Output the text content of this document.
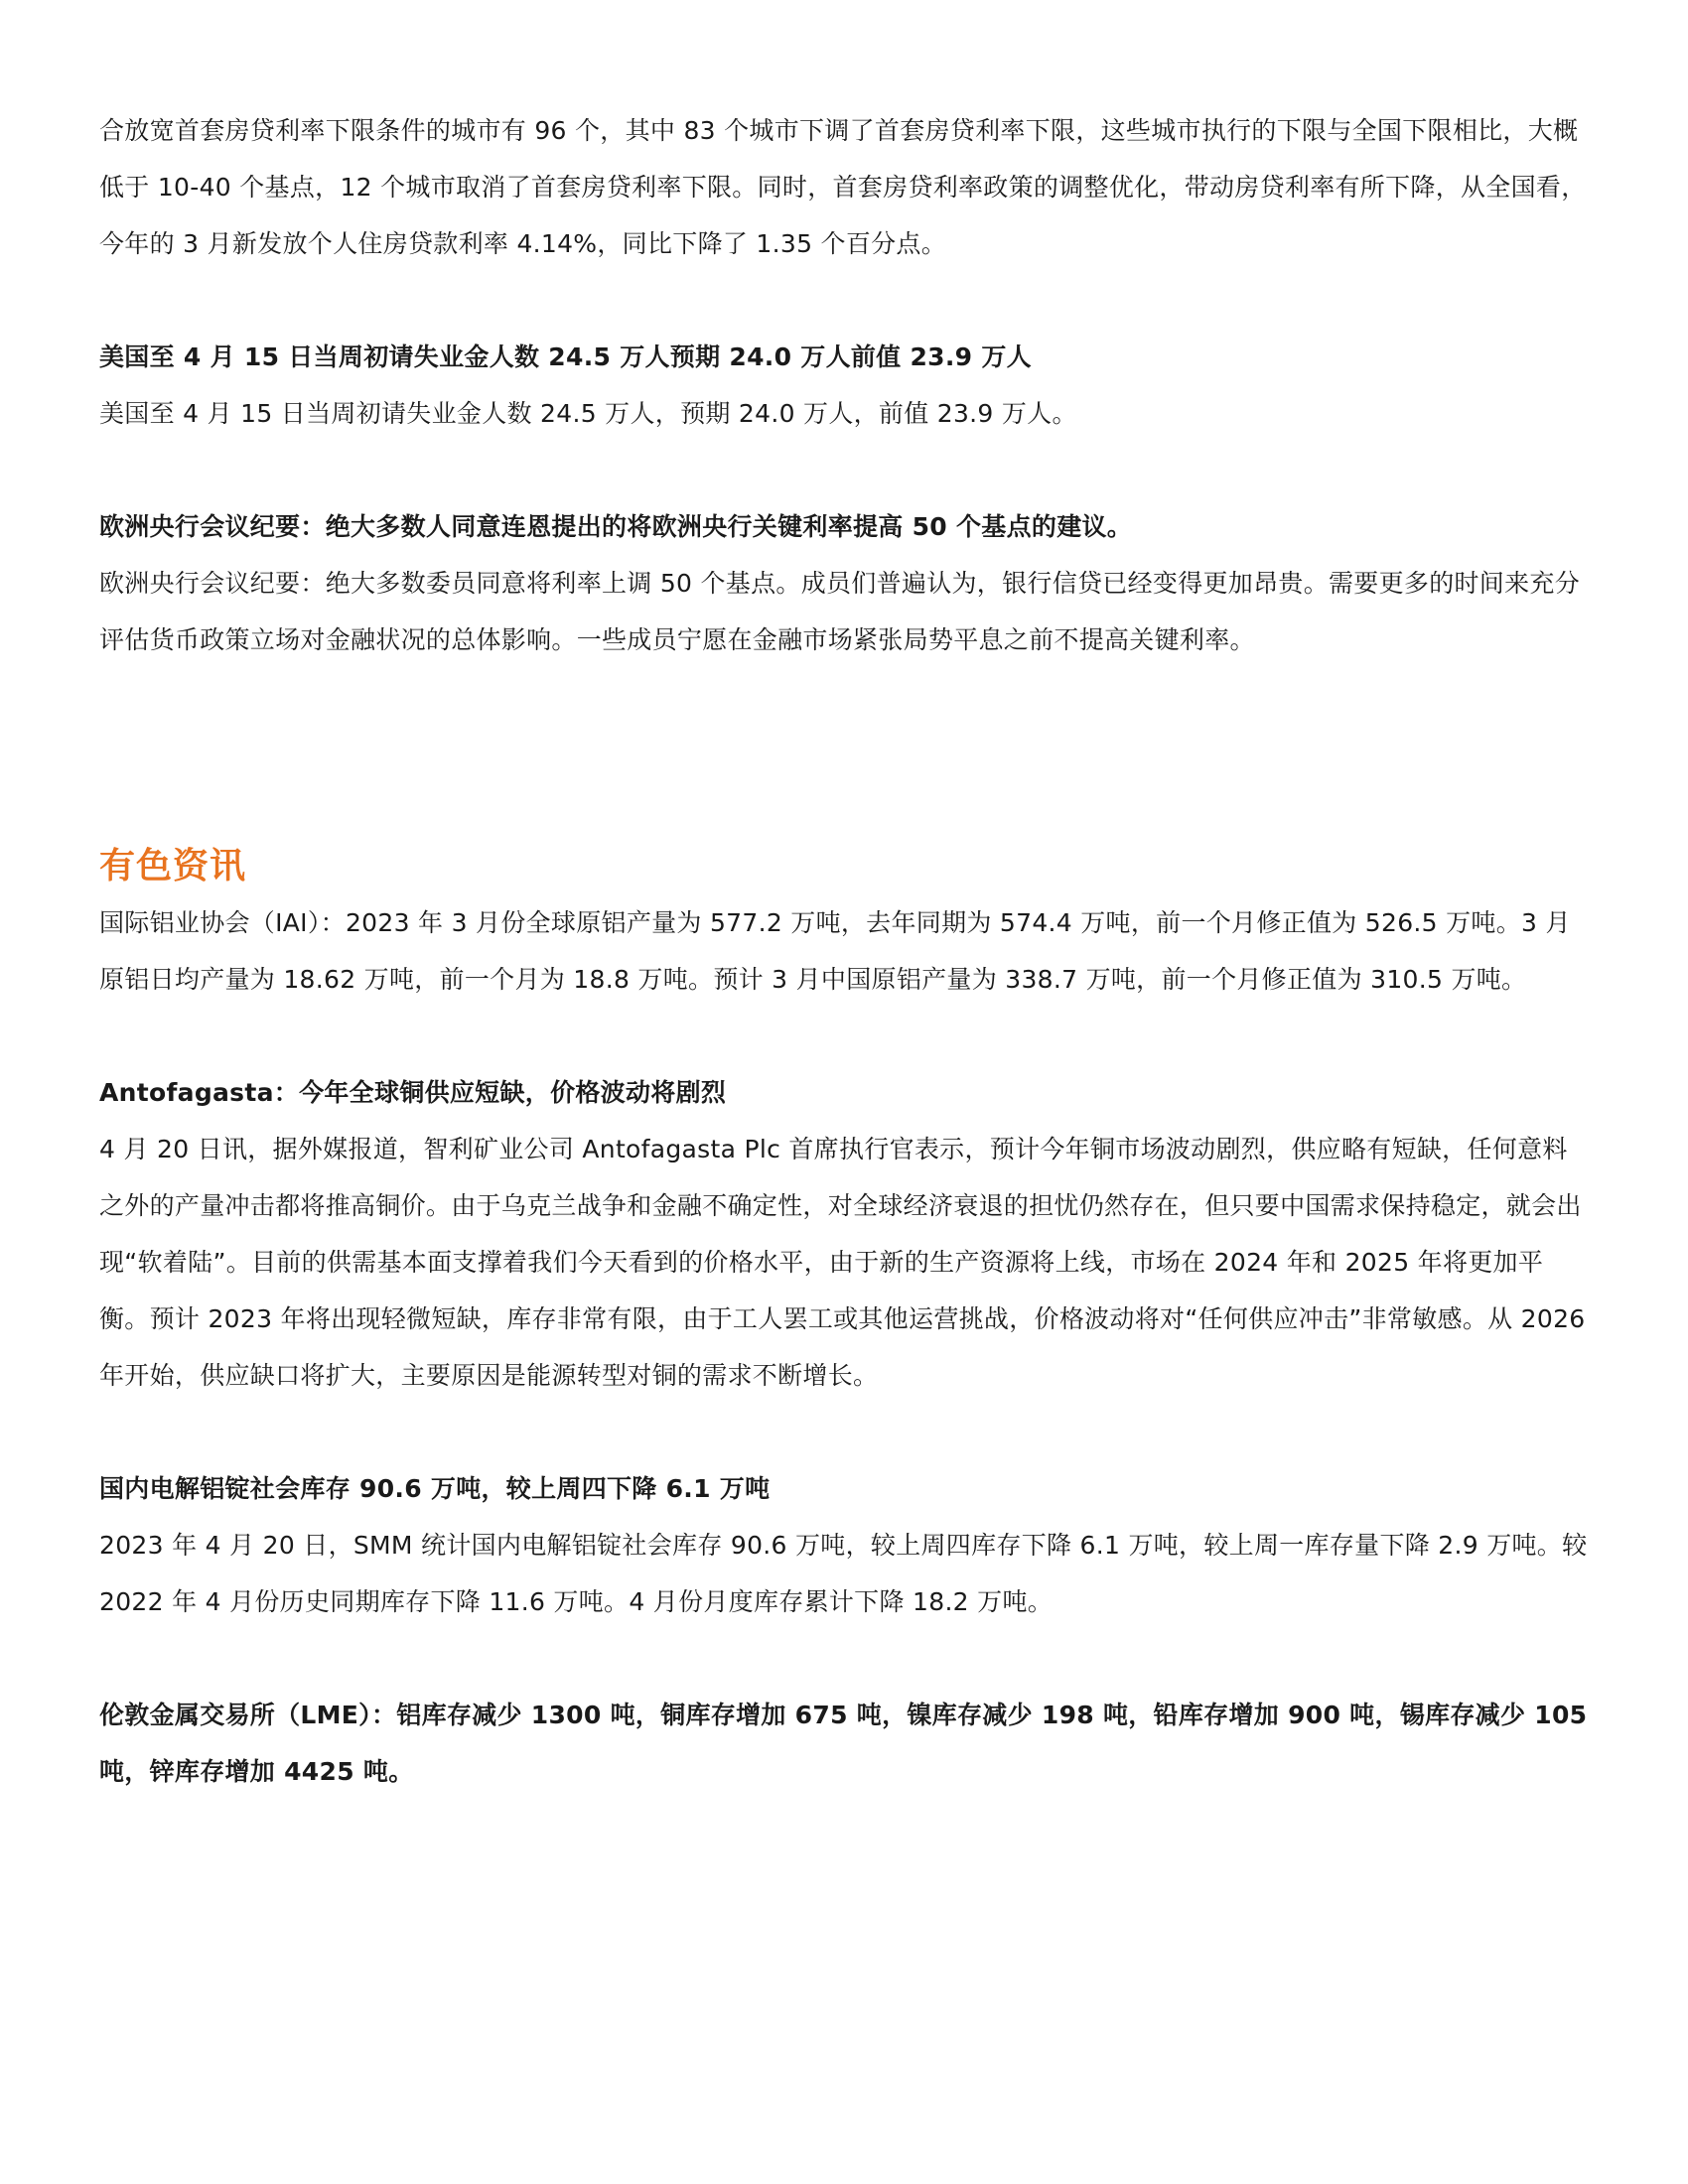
合放宽首套房贷利率下限条件的城市有 96 个，其中 83 个城市下调了首套房贷利率下限，这些城市执行的下限与全国下限相比，大概低于 10-40 个基点，12 个城市取消了首套房贷利率下限。同时，首套房贷利率政策的调整优化，带动房贷利率有所下降，从全国看，今年的 3 月新发放个人住房贷款利率 4.14%，同比下降了 1.35 个百分点。

美国至 4 月 15 日当周初请失业金人数 24.5 万人预期 24.0 万人前值 23.9 万人

美国至 4 月 15 日当周初请失业金人数 24.5 万人，预期 24.0 万人，前值 23.9 万人。

欧洲央行会议纪要：绝大多数人同意连恩提出的将欧洲央行关键利率提高 50 个基点的建议。

欧洲央行会议纪要：绝大多数委员同意将利率上调 50 个基点。成员们普遍认为，银行信贷已经变得更加昂贵。需要更多的时间来充分评估货币政策立场对金融状况的总体影响。一些成员宁愿在金融市场紧张局势平息之前不提高关键利率。

有色资讯

国际铝业协会（IAI）：2023 年 3 月份全球原铝产量为 577.2 万吨，去年同期为 574.4 万吨，前一个月修正值为 526.5 万吨。3 月原铝日均产量为 18.62 万吨，前一个月为 18.8 万吨。预计 3 月中国原铝产量为 338.7 万吨，前一个月修正值为 310.5 万吨。

Antofagasta：今年全球铜供应短缺，价格波动将剧烈

4 月 20 日讯，据外媒报道，智利矿业公司 Antofagasta Plc 首席执行官表示，预计今年铜市场波动剧烈，供应略有短缺，任何意料之外的产量冲击都将推高铜价。由于乌克兰战争和金融不确定性，对全球经济衰退的担忧仍然存在，但只要中国需求保持稳定，就会出现“软着陆”。目前的供需基本面支撑着我们今天看到的价格水平，由于新的生产资源将上线，市场在 2024 年和 2025 年将更加平衡。预计 2023 年将出现轻微短缺，库存非常有限，由于工人罢工或其他运营挑战，价格波动将对“任何供应冲击”非常敏感。从 2026 年开始，供应缺口将扩大，主要原因是能源转型对铜的需求不断增长。

国内电解铝锭社会库存 90.6 万吨，较上周四下降 6.1 万吨

2023 年 4 月 20 日，SMM 统计国内电解铝锭社会库存 90.6 万吨，较上周四库存下降 6.1 万吨，较上周一库存量下降 2.9 万吨。较 2022 年 4 月份历史同期库存下降 11.6 万吨。4 月份月度库存累计下降 18.2 万吨。

伦敦金属交易所（LME）：铝库存减少 1300 吨，铜库存增加 675 吨，镍库存减少 198 吨，铅库存增加 900 吨，锡库存减少 105 吨，锌库存增加 4425 吨。
